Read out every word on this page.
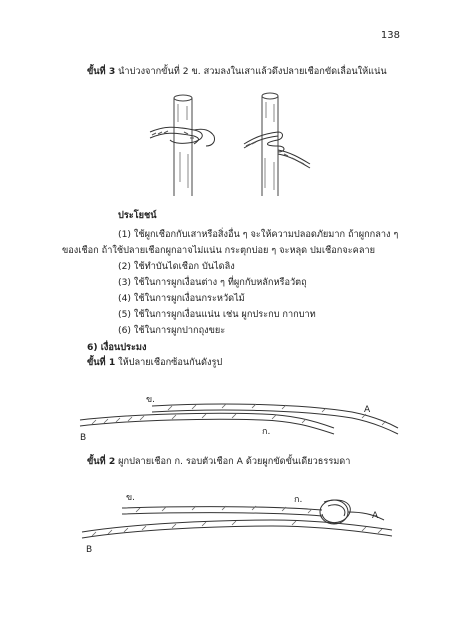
138
ขั้นที่ 3 นำบ่วงจากขั้นที่ 2 ข. สวมลงในเสาแล้วดึงปลายเชือกขัดเลื่อนให้แน่น
ประโยชน์
(1) ใช้ผูกเชือกกับเสาหรือสิ่งอื่น ๆ จะให้ความปลอดภัยมาก ถ้าผูกกลาง ๆ
ของเชือก ถ้าใช้ปลายเชือกผูกอาจไม่แน่น กระตุกบ่อย ๆ จะหลุด ปมเชือกจะคลาย
(2) ใช้ทำบันไดเชือก บันไดลิง
(3) ใช้ในการผูกเงื่อนต่าง ๆ ที่ผูกกับหลักหรือวัตถุ
(4) ใช้ในการผูกเงื่อนกระหวัดไม้
(5) ใช้ในการผูกเงื่อนแน่น เช่น ผูกประกบ กากบาท
(6) ใช้ในการผูกปากถุงขยะ
6) เงื่อนประมง
ขั้นที่ 1 ให้ปลายเชือกซ้อนกันดังรูป
ข.
ก.
A
B
ขั้นที่ 2 ผูกปลายเชือก ก. รอบตัวเชือก A ด้วยผูกขัดขั้นเดียวธรรมดา
ข.	ก.
A
B
